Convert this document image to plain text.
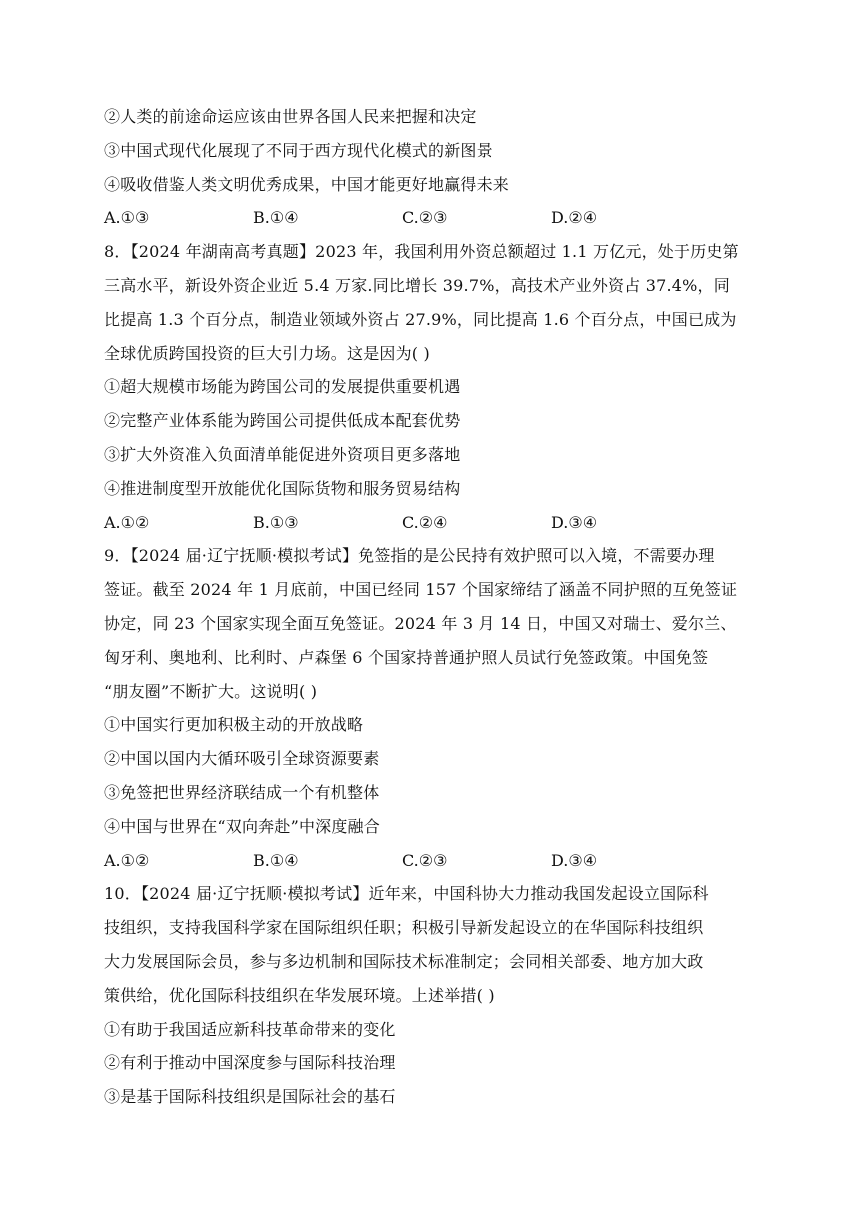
②人类的前途命运应该由世界各国人民来把握和决定
③中国式现代化展现了不同于西方现代化模式的新图景
④吸收借鉴人类文明优秀成果，中国才能更好地赢得未来
A.①③	B.①④	C.②③	D.②④
8．【2024 年湖南高考真题】2023 年，我国利用外资总额超过 1.1 万亿元，处于历史第
三高水平，新设外资企业近 5.4 万家.同比增长 39.7%，高技术产业外资占 37.4%，同
比提高 1.3 个百分点，制造业领域外资占 27.9%，同比提高 1.6 个百分点，中国已成为
全球优质跨国投资的巨大引力场。这是因为( )
①超大规模市场能为跨国公司的发展提供重要机遇
②完整产业体系能为跨国公司提供低成本配套优势
③扩大外资准入负面清单能促进外资项目更多落地
④推进制度型开放能优化国际货物和服务贸易结构
A.①②	B.①③	C.②④	D.③④
9．【2024 届·辽宁抚顺·模拟考试】免签指的是公民持有效护照可以入境，不需要办理
签证。截至 2024 年 1 月底前，中国已经同 157 个国家缔结了涵盖不同护照的互免签证
协定，同 23 个国家实现全面互免签证。2024 年 3 月 14 日，中国又对瑞士、爱尔兰、
匈牙利、奥地利、比利时、卢森堡 6 个国家持普通护照人员试行免签政策。中国免签
“朋友圈”不断扩大。这说明( )
①中国实行更加积极主动的开放战略
②中国以国内大循环吸引全球资源要素
③免签把世界经济联结成一个有机整体
④中国与世界在“双向奔赴”中深度融合
A.①②	B.①④	C.②③	D.③④
10．【2024 届·辽宁抚顺·模拟考试】近年来，中国科协大力推动我国发起设立国际科
技组织，支持我国科学家在国际组织任职；积极引导新发起设立的在华国际科技组织
大力发展国际会员，参与多边机制和国际技术标准制定；会同相关部委、地方加大政
策供给，优化国际科技组织在华发展环境。上述举措( )
①有助于我国适应新科技革命带来的变化
②有利于推动中国深度参与国际科技治理
③是基于国际科技组织是国际社会的基石
